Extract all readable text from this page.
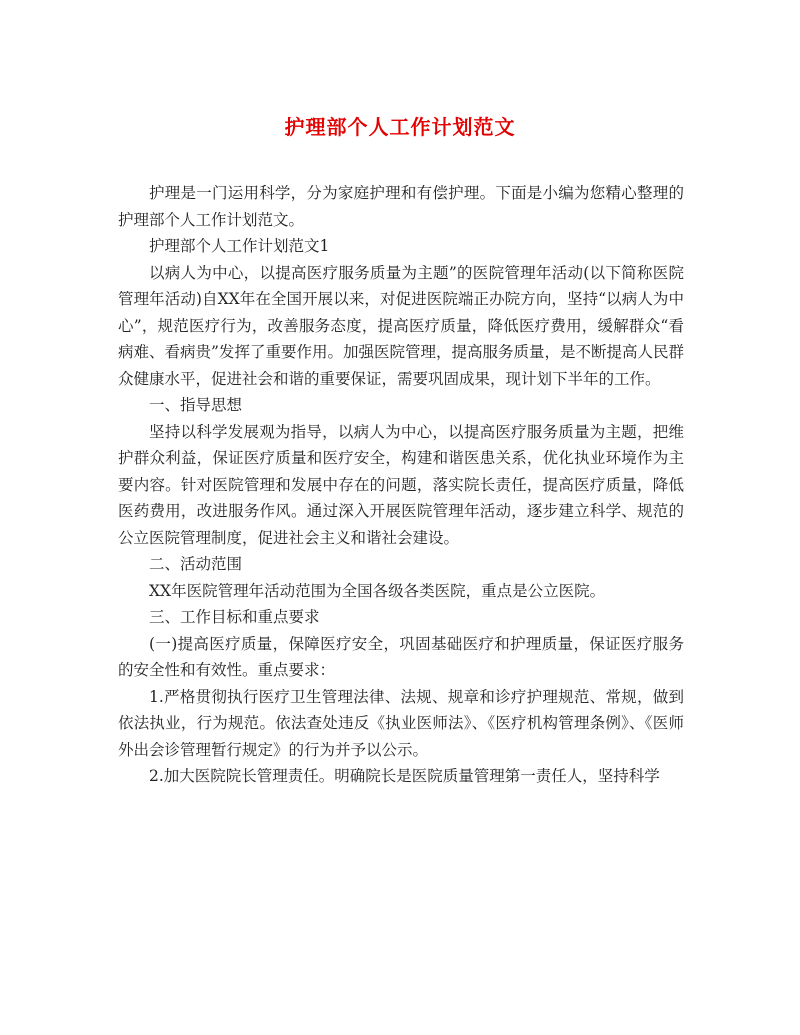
护理部个人工作计划范文

护理是一门运用科学，分为家庭护理和有偿护理。下面是小编为您精心整理的护理部个人工作计划范文。

护理部个人工作计划范文1

以病人为中心，以提高医疗服务质量为主题”的医院管理年活动(以下简称医院管理年活动)自XX年在全国开展以来，对促进医院端正办院方向，坚持“以病人为中心”，规范医疗行为，改善服务态度，提高医疗质量，降低医疗费用，缓解群众“看病难、看病贵”发挥了重要作用。加强医院管理，提高服务质量，是不断提高人民群众健康水平，促进社会和谐的重要保证，需要巩固成果，现计划下半年的工作。

一、指导思想

坚持以科学发展观为指导，以病人为中心，以提高医疗服务质量为主题，把维护群众利益，保证医疗质量和医疗安全，构建和谐医患关系，优化执业环境作为主要内容。针对医院管理和发展中存在的问题，落实院长责任，提高医疗质量，降低医药费用，改进服务作风。通过深入开展医院管理年活动，逐步建立科学、规范的公立医院管理制度，促进社会主义和谐社会建设。

二、活动范围

XX年医院管理年活动范围为全国各级各类医院，重点是公立医院。

三、工作目标和重点要求

(一)提高医疗质量，保障医疗安全，巩固基础医疗和护理质量，保证医疗服务的安全性和有效性。重点要求：

1.严格贯彻执行医疗卫生管理法律、法规、规章和诊疗护理规范、常规，做到依法执业，行为规范。依法查处违反《执业医师法》、《医疗机构管理条例》、《医师外出会诊管理暂行规定》的行为并予以公示。

2.加大医院院长管理责任。明确院长是医院质量管理第一责任人，坚持科学
